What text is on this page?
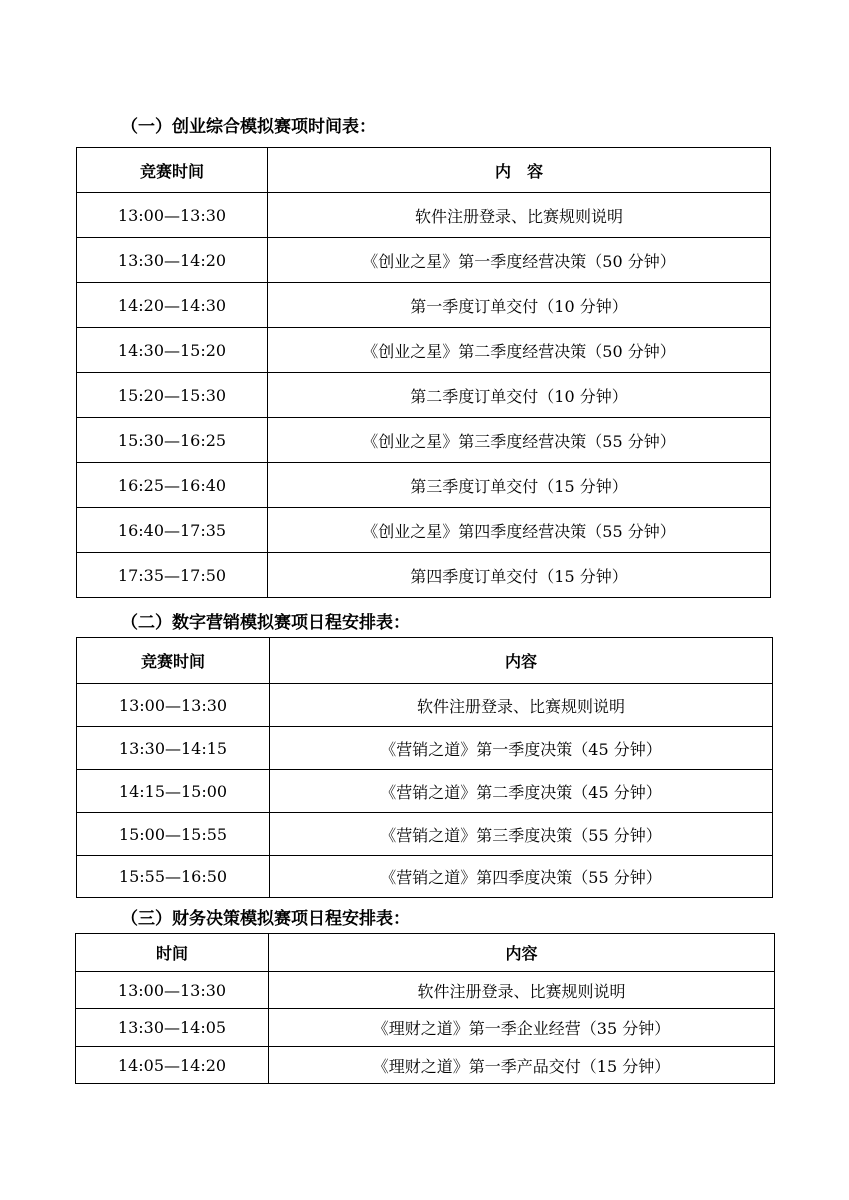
（一）创业综合模拟赛项时间表：
竞赛时间	内　容
13:00—13:30	软件注册登录、比赛规则说明
13:30—14:20	《创业之星》第一季度经营决策（50 分钟）
14:20—14:30	第一季度订单交付（10 分钟）
14:30—15:20	《创业之星》第二季度经营决策（50 分钟）
15:20—15:30	第二季度订单交付（10 分钟）
15:30—16:25	《创业之星》第三季度经营决策（55 分钟）
16:25—16:40	第三季度订单交付（15 分钟）
16:40—17:35	《创业之星》第四季度经营决策（55 分钟）
17:35—17:50	第四季度订单交付（15 分钟）
（二）数字营销模拟赛项日程安排表：
竞赛时间	内容
13:00—13:30	软件注册登录、比赛规则说明
13:30—14:15	《营销之道》第一季度决策（45 分钟）
14:15—15:00	《营销之道》第二季度决策（45 分钟）
15:00—15:55	《营销之道》第三季度决策（55 分钟）
15:55—16:50	《营销之道》第四季度决策（55 分钟）
（三）财务决策模拟赛项日程安排表：
时间	内容
13:00—13:30	软件注册登录、比赛规则说明
13:30—14:05	《理财之道》第一季企业经营（35 分钟）
14:05—14:20	《理财之道》第一季产品交付（15 分钟）
